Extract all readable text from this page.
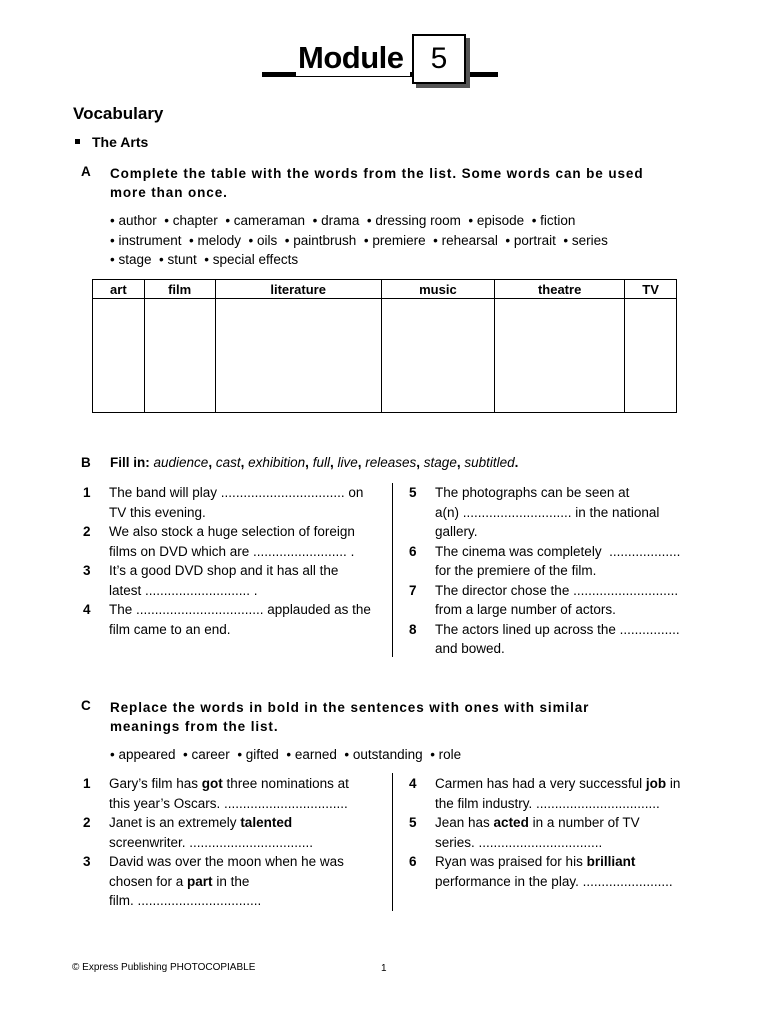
Module 5
Vocabulary
The Arts
A Complete the table with the words from the list. Some words can be used
more than once.
• author • chapter • cameraman • drama • dressing room • episode • fiction
• instrument • melody • oils • paintbrush • premiere • rehearsal • portrait • series
• stage • stunt • special effects
art	film	literature	music	theatre	TV

B Fill in: audience, cast, exhibition, full, live, releases, stage, subtitled.
1 The band will play ................................. on
TV this evening.
2 We also stock a huge selection of foreign
films on DVD which are ......................... .
3 It’s a good DVD shop and it has all the
latest ............................ .
4 The .................................. applauded as the
film came to an end.
5 The photographs can be seen at
a(n) ............................. in the national
gallery.
6 The cinema was completely  ...................
for the premiere of the film.
7 The director chose the ............................
from a large number of actors.
8 The actors lined up across the ................
and bowed.
C Replace the words in bold in the sentences with ones with similar
meanings from the list.
• appeared • career • gifted • earned • outstanding • role
1 Gary’s film has got three nominations at
this year’s Oscars. .................................
2 Janet is an extremely talented
screenwriter. .................................
3 David was over the moon when he was
chosen for a part in the
film. .................................
4 Carmen has had a very successful job in
the film industry. .................................
5 Jean has acted in a number of TV
series. .................................
6 Ryan was praised for his brilliant
performance in the play. ........................
© Express Publishing PHOTOCOPIABLE	1
